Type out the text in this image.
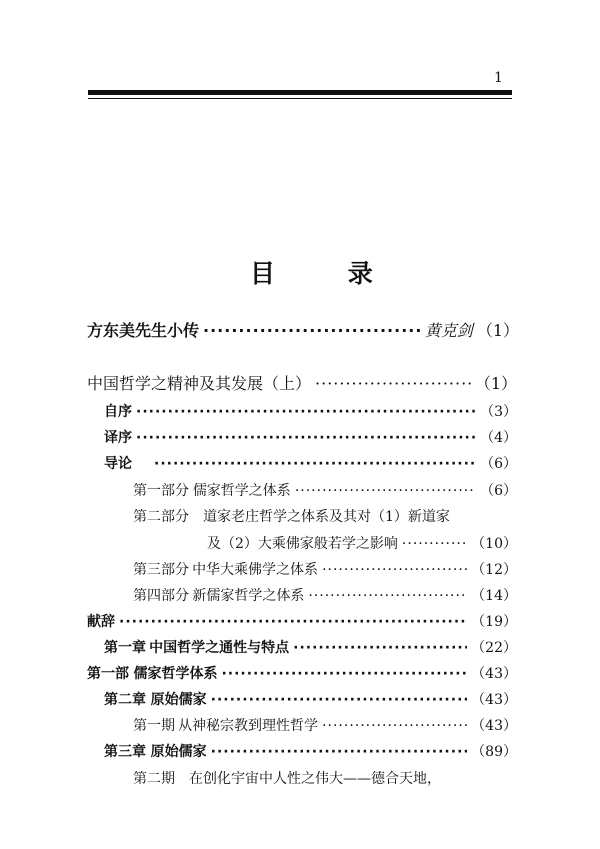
1
目 录
方东美先生小传 ·····	黄克剑 （1）
中国哲学之精神及其发展（上） ·····	（1）
自序 ·····	（3）
译序 ·····	（4）
导论 ·····	（6）
第一部分 儒家哲学之体系 ·····	（6）
第二部分 道家老庄哲学之体系及其对（1）新道家
及（2）大乘佛家般若学之影响 ·····	（10）
第三部分 中华大乘佛学之体系 ·····	（12）
第四部分 新儒家哲学之体系 ·····	（14）
献辞 ·····	（19）
第一章 中国哲学之通性与特点 ·····	（22）
第一部 儒家哲学体系 ·····	（43）
第二章 原始儒家 ·····	（43）
第一期 从神秘宗教到理性哲学 ·····	（43）
第三章 原始儒家 ·····	（89）
第二期 在创化宇宙中人性之伟大——德合天地，
